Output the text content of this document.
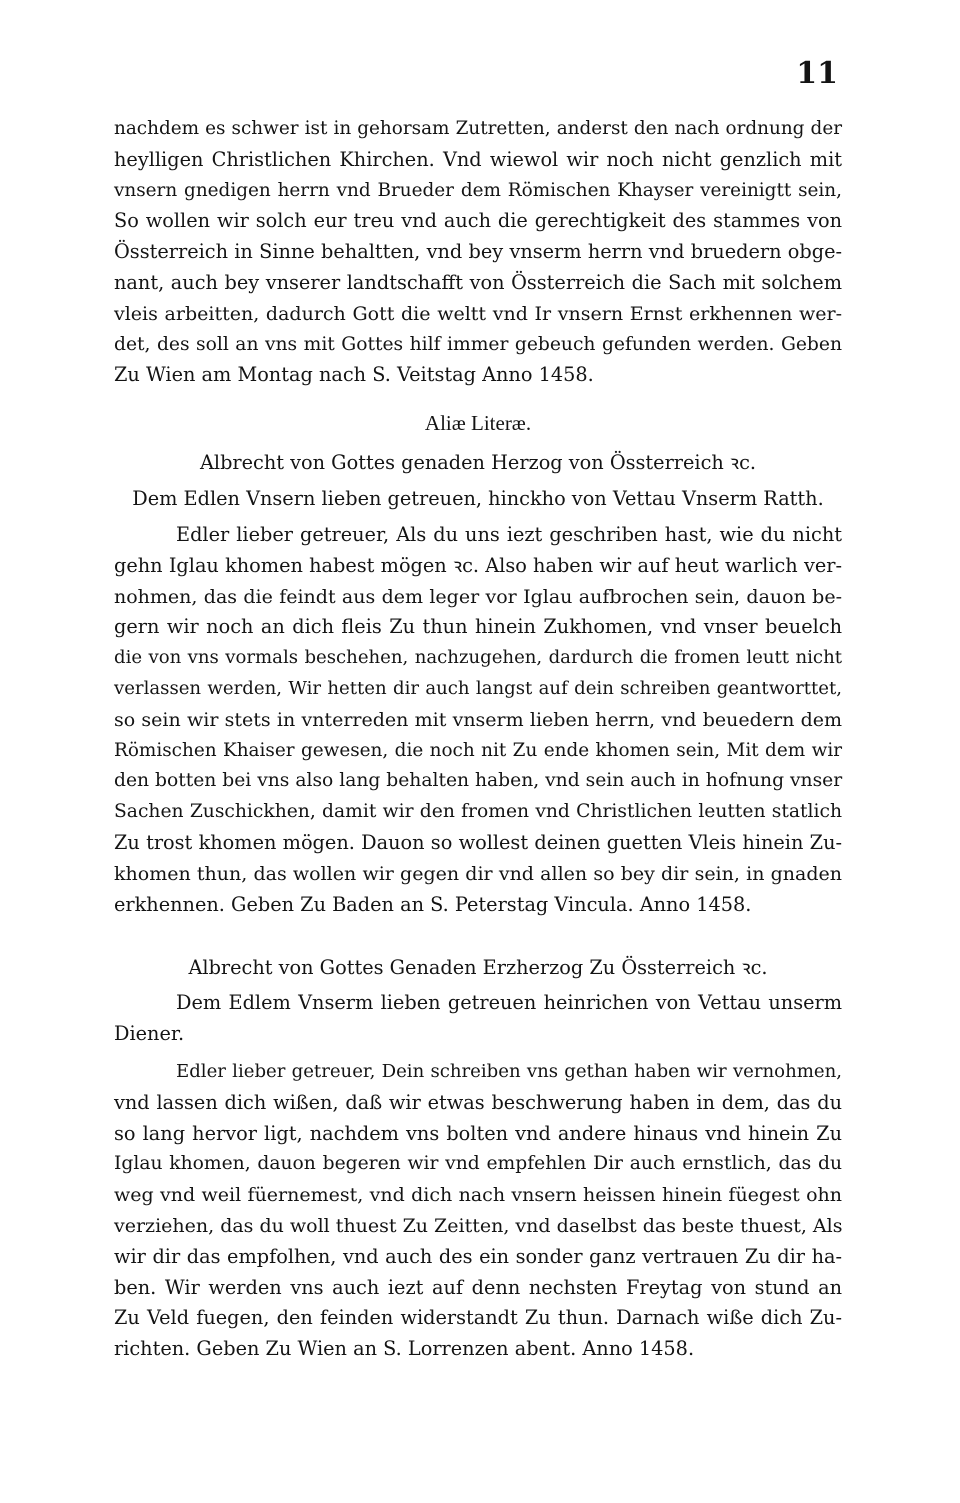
11
nachdem es schwer ist in gehorsam Zutretten, anderst den nach ordnung der
heylligen Christlichen Khirchen. Vnd wiewol wir noch nicht genzlich mit
vnsern gnedigen herrn vnd Brueder dem Römischen Khayser vereinigtt sein,
So wollen wir solch eur treu vnd auch die gerechtigkeit des stammes von
Össterreich in Sinne behaltten, vnd bey vnserm herrn vnd bruedern obge-
nant, auch bey vnserer landtschafft von Össterreich die Sach mit solchem
vleis arbeitten, dadurch Gott die weltt vnd Ir vnsern Ernst erkhennen wer-
det, des soll an vns mit Gottes hilf immer gebeuch gefunden werden. Geben
Zu Wien am Montag nach S. Veitstag Anno 1458.
Aliæ Literæ.
Albrecht von Gottes genaden Herzog von Össterreich ꝛc.
Dem Edlen Vnsern lieben getreuen, hinckho von Vettau Vnserm Ratth.
Edler lieber getreuer, Als du uns iezt geschriben hast, wie du nicht
gehn Iglau khomen habest mögen ꝛc. Also haben wir auf heut warlich ver-
nohmen, das die feindt aus dem leger vor Iglau aufbrochen sein, dauon be-
gern wir noch an dich fleis Zu thun hinein Zukhomen, vnd vnser beuelch
die von vns vormals beschehen, nachzugehen, dardurch die fromen leutt nicht
verlassen werden, Wir hetten dir auch langst auf dein schreiben geantworttet,
so sein wir stets in vnterreden mit vnserm lieben herrn, vnd beuedern dem
Römischen Khaiser gewesen, die noch nit Zu ende khomen sein, Mit dem wir
den botten bei vns also lang behalten haben, vnd sein auch in hofnung vnser
Sachen Zuschickhen, damit wir den fromen vnd Christlichen leutten statlich
Zu trost khomen mögen. Dauon so wollest deinen guetten Vleis hinein Zu-
khomen thun, das wollen wir gegen dir vnd allen so bey dir sein, in gnaden
erkhennen. Geben Zu Baden an S. Peterstag Vincula. Anno 1458.
Albrecht von Gottes Genaden Erzherzog Zu Össterreich ꝛc.
Dem Edlem Vnserm lieben getreuen heinrichen von Vettau unserm
Diener.
Edler lieber getreuer, Dein schreiben vns gethan haben wir vernohmen,
vnd lassen dich wißen, daß wir etwas beschwerung haben in dem, das du
so lang hervor ligt, nachdem vns bolten vnd andere hinaus vnd hinein Zu
Iglau khomen, dauon begeren wir vnd empfehlen Dir auch ernstlich, das du
weg vnd weil füernemest, vnd dich nach vnsern heissen hinein füegest ohn
verziehen, das du woll thuest Zu Zeitten, vnd daselbst das beste thuest, Als
wir dir das empfolhen, vnd auch des ein sonder ganz vertrauen Zu dir ha-
ben. Wir werden vns auch iezt auf denn nechsten Freytag von stund an
Zu Veld fuegen, den feinden widerstandt Zu thun. Darnach wiße dich Zu-
richten. Geben Zu Wien an S. Lorrenzen abent. Anno 1458.
